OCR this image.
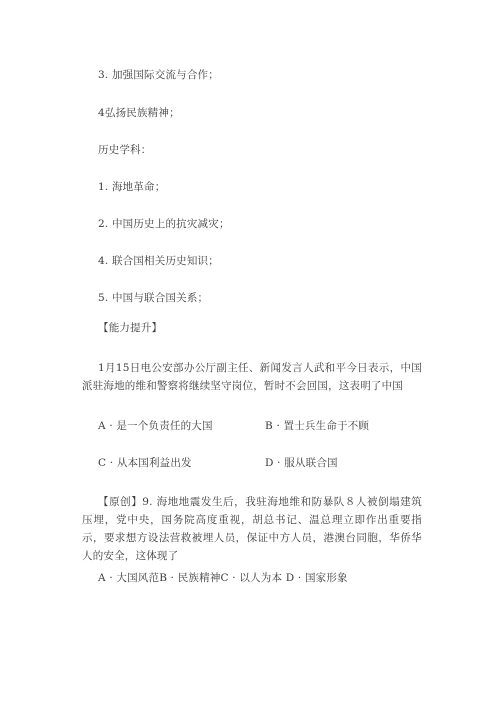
3. 加强国际交流与合作；
4弘扬民族精神；
历史学科：
1. 海地革命；
2. 中国历史上的抗灾减灾；
4. 联合国相关历史知识；
5. 中国与联合国关系；
【能力提升】
1月15日电公安部办公厅副主任、新闻发言人武和平今日表示，中国派驻海地的维和警察将继续坚守岗位，暂时不会回国，这表明了中国
A · 是一个负责任的大国	B · 置士兵生命于不顾
C · 从本国利益出发	D · 服从联合国
【原创】9. 海地地震发生后，我驻海地维和防暴队８人被倒塌建筑压埋，党中央，国务院高度重视，胡总书记、温总理立即作出重要指示，要求想方设法营救被埋人员，保证中方人员，港澳台同胞，华侨华人的安全，这体现了
A · 大国风范B · 民族精神C · 以人为本 D · 国家形象
